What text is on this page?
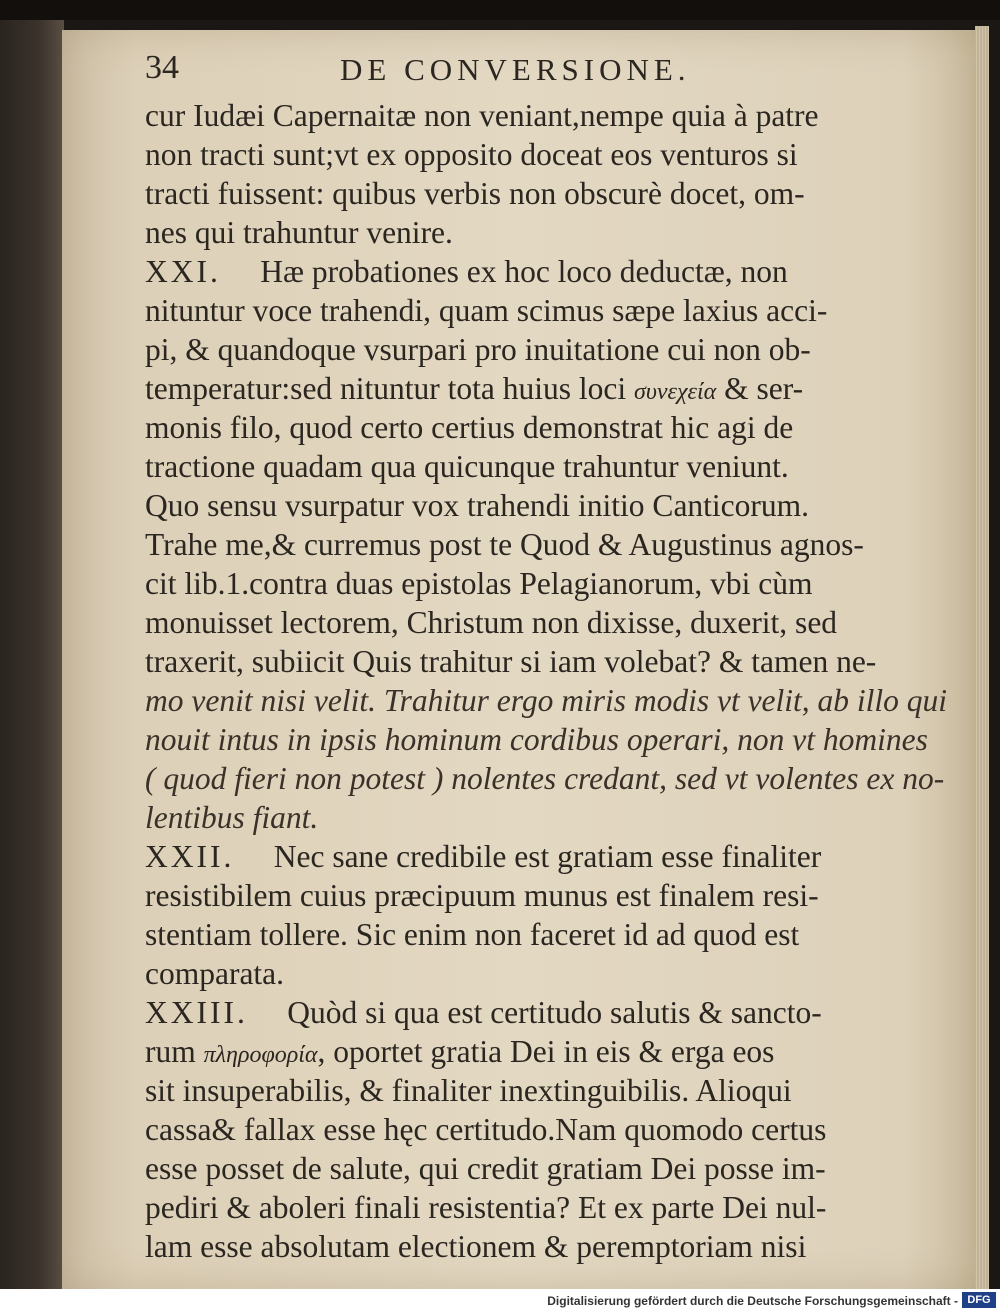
34	DE CONVERSIONE.
cur Iudæi Capernaitæ non veniant,nempe quia à patre
non tracti sunt;vt ex opposito doceat eos venturos si
tracti fuissent: quibus verbis non obscurè docet, om-
nes qui trahuntur venire.
XXI.  Hæ probationes ex hoc loco deductæ, non
nituntur voce trahendi, quam scimus sæpe laxius acci-
pi, & quandoque vsurpari pro inuitatione cui non ob-
temperatur:sed nituntur tota huius loci συνεχεία & ser-
monis filo, quod certo certius demonstrat hic agi de
tractione quadam qua quicunque trahuntur veniunt.
Quo sensu vsurpatur vox trahendi initio Canticorum.
Trahe me,& curremus post te Quod & Augustinus agnos-
cit lib.1.contra duas epistolas Pelagianorum, vbi cùm
monuisset lectorem, Christum non dixisse, duxerit, sed
traxerit, subiicit Quis trahitur si iam volebat? & tamen ne-
mo venit nisi velit. Trahitur ergo miris modis vt velit, ab illo qui
nouit intus in ipsis hominum cordibus operari, non vt homines
( quod fieri non potest ) nolentes credant, sed vt volentes ex no-
lentibus fiant.
XXII.  Nec sane credibile est gratiam esse finaliter
resistibilem cuius præcipuum munus est finalem resi-
stentiam tollere. Sic enim non faceret id ad quod est
comparata.
XXIII.  Quòd si qua est certitudo salutis & sancto-
rum πληροφορία, oportet gratia Dei in eis & erga eos
sit insuperabilis, & finaliter inextinguibilis. Alioqui
cassa& fallax esse hęc certitudo.Nam quomodo certus
esse posset de salute, qui credit gratiam Dei posse im-
pediri & aboleri finali resistentia? Et ex parte Dei nul-
lam esse absolutam electionem & peremptoriam nisi
Digitalisierung gefördert durch die Deutsche Forschungsgemeinschaft - DFG
